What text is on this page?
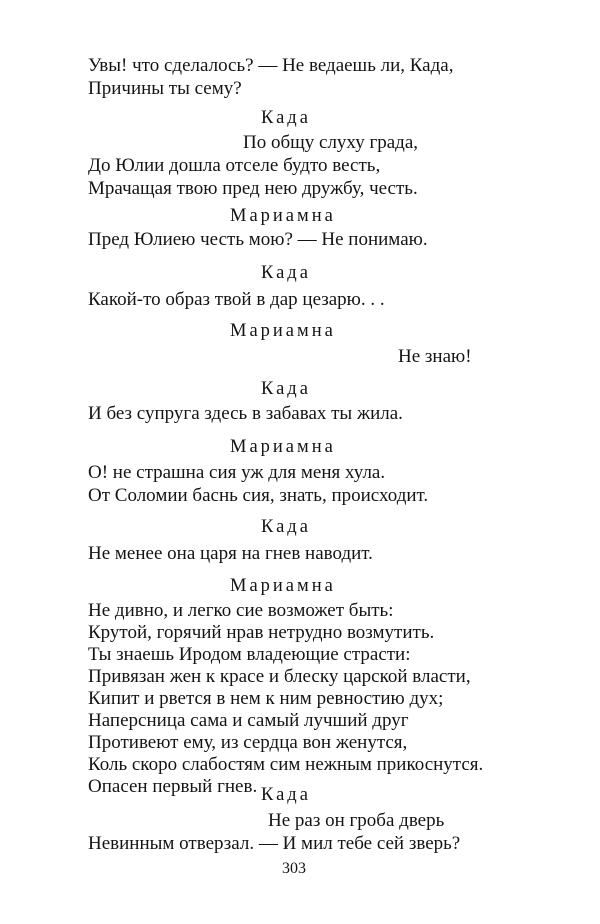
Увы! что сделалось? — Не ведаешь ли, Када,
Причины ты сему?
Када
По общу слуху града,
До Юлии дошла отселе будто весть,
Мрачащая твою пред нею дружбу, честь.
Мариамна
Пред Юлиею честь мою? — Не понимаю.
Када
Какой-то образ твой в дар цезарю. . .
Мариамна
Не знаю!
Када
И без супруга здесь в забавах ты жила.
Мариамна
О! не страшна сия уж для меня хула.
От Соломии баснь сия, знать, происходит.
Када
Не менее она царя на гнев наводит.
Мариамна
Не дивно, и легко сие возможет быть:
Крутой, горячий нрав нетрудно возмутить.
Ты знаешь Иродом владеющие страсти:
Привязан жен к красе и блеску царской власти,
Кипит и рвется в нем к ним ревностию дух;
Наперсница сама и самый лучший друг
Противеют ему, из сердца вон женутся,
Коль скоро слабостям сим нежным прикоснутся.
Опасен первый гнев. Када
Не раз он гроба дверь
Невинным отверзал. — И мил тебе сей зверь?
303
